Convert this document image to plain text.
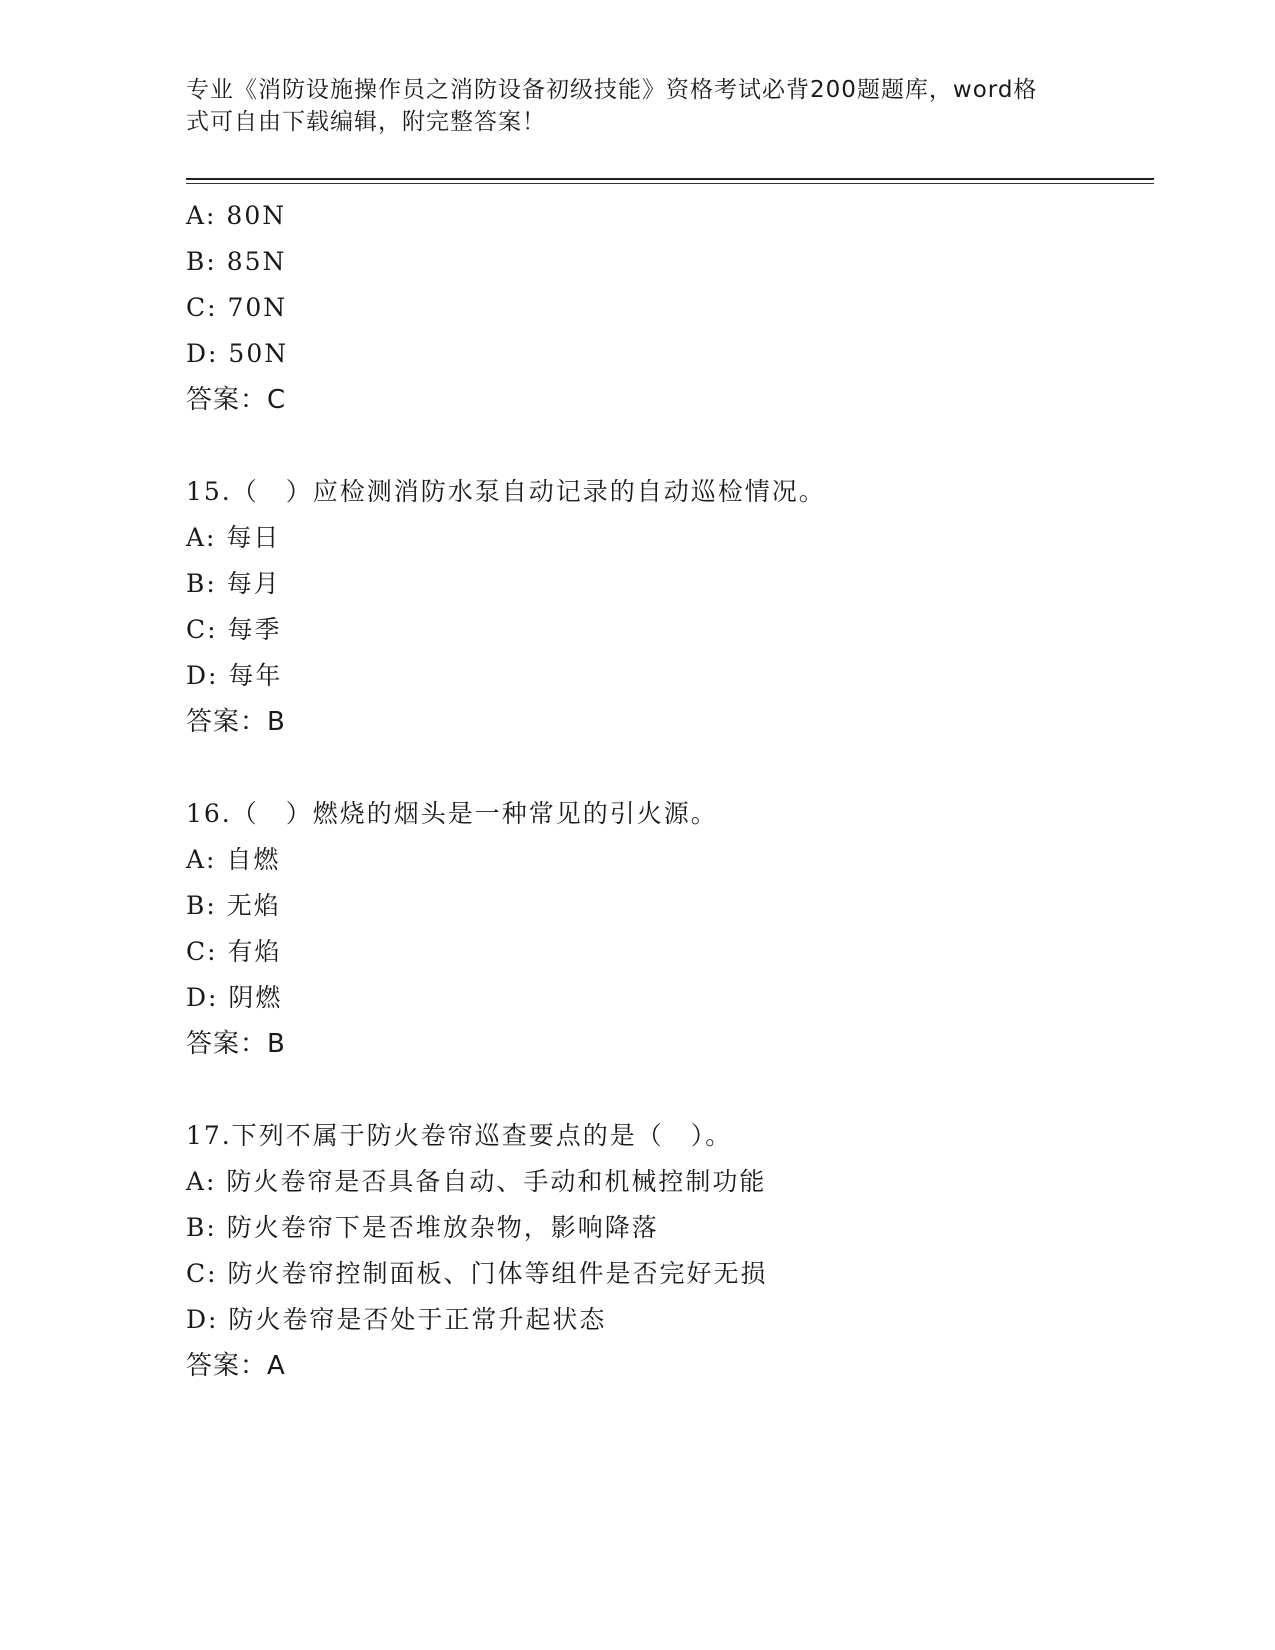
专业《消防设施操作员之消防设备初级技能》资格考试必背200题题库，word格
式可自由下载编辑，附完整答案！
A: 80N
B: 85N
C: 70N
D: 50N
答案：C
15.（　）应检测消防水泵自动记录的自动巡检情况。
A: 每日
B: 每月
C: 每季
D: 每年
答案：B
16.（　）燃烧的烟头是一种常见的引火源。
A: 自燃
B: 无焰
C: 有焰
D: 阴燃
答案：B
17.下列不属于防火卷帘巡查要点的是（　）。
A: 防火卷帘是否具备自动、手动和机械控制功能
B: 防火卷帘下是否堆放杂物，影响降落
C: 防火卷帘控制面板、门体等组件是否完好无损
D: 防火卷帘是否处于正常升起状态
答案：A
